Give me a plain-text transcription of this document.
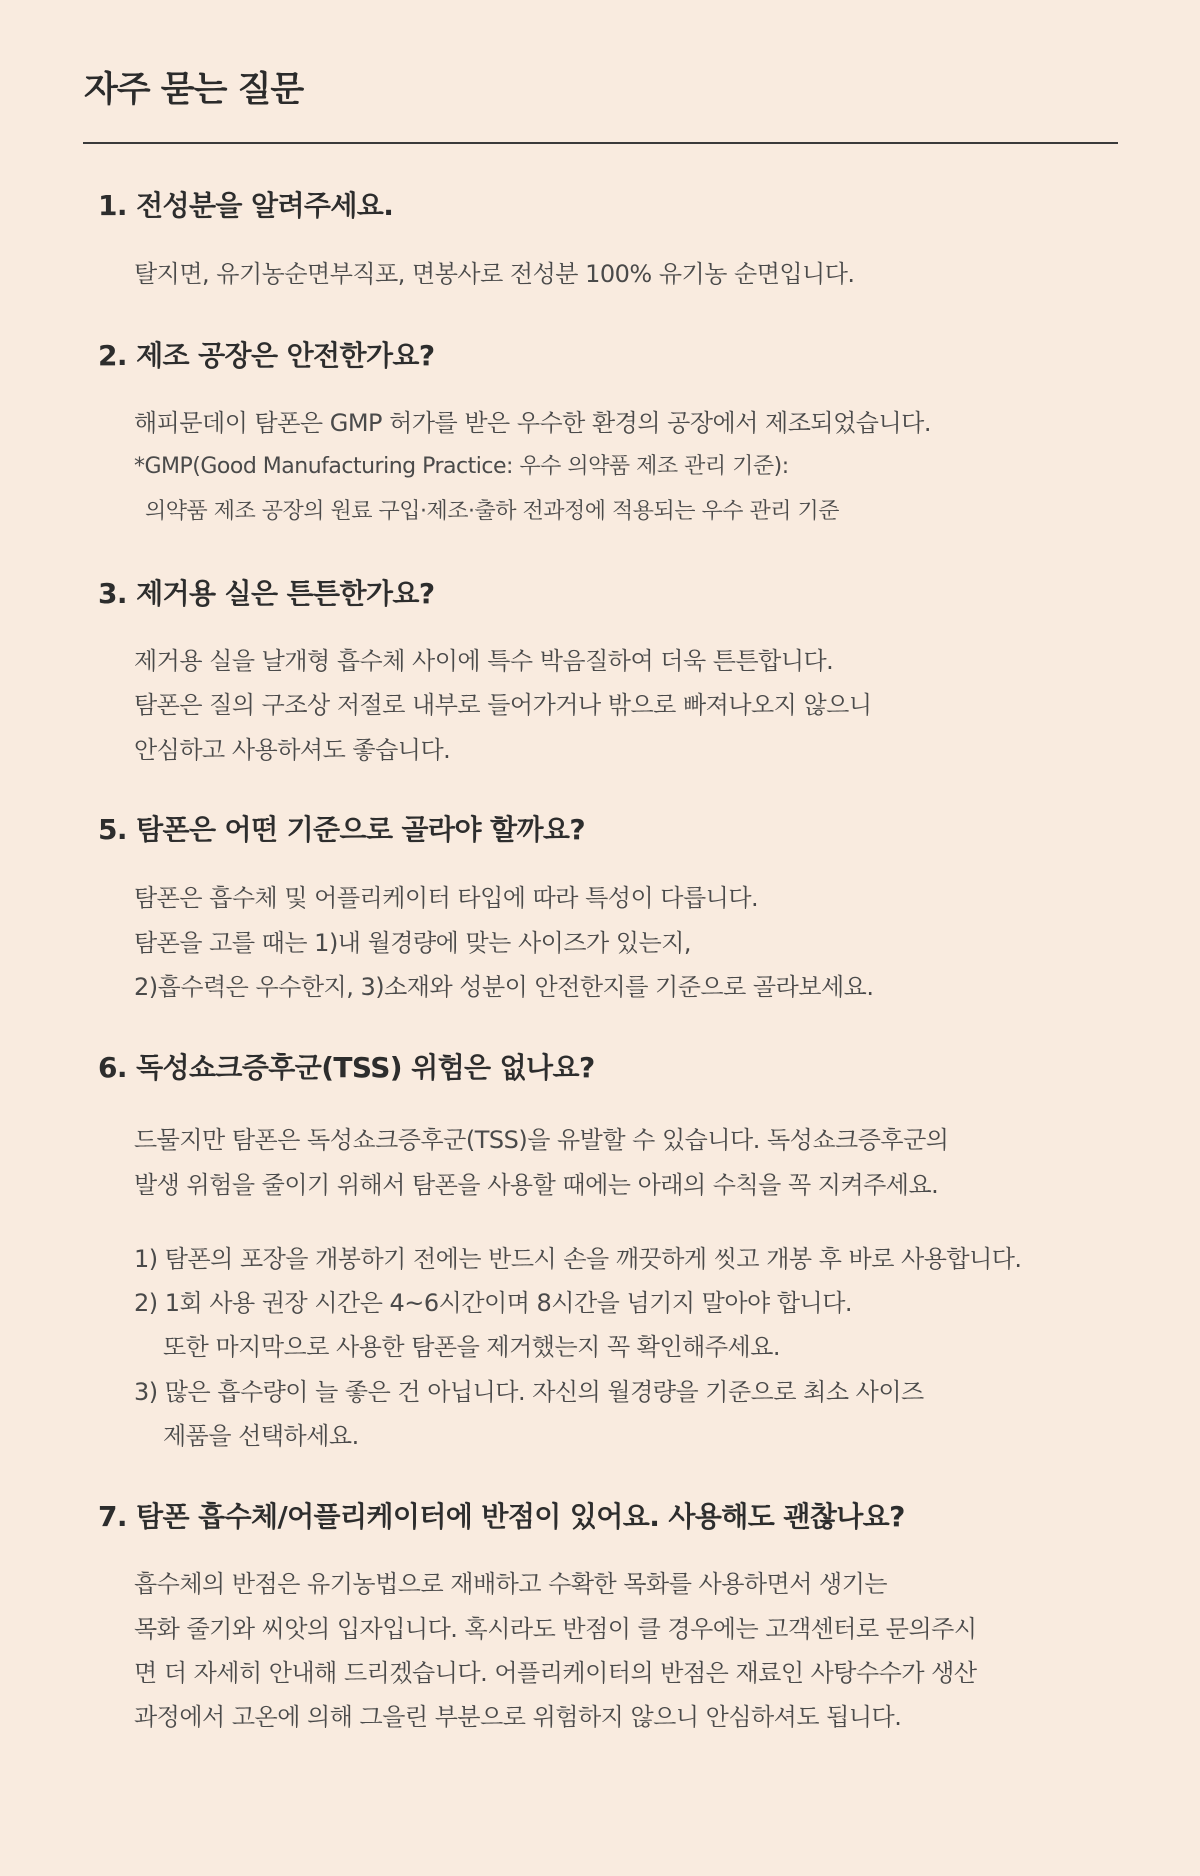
자주 묻는 질문

1. 전성분을 알려주세요.

탈지면, 유기농순면부직포, 면봉사로 전성분 100% 유기농 순면입니다.

2. 제조 공장은 안전한가요?

해피문데이 탐폰은 GMP 허가를 받은 우수한 환경의 공장에서 제조되었습니다.

*GMP(Good Manufacturing Practice: 우수 의약품 제조 관리 기준):

의약품 제조 공장의 원료 구입·제조·출하 전과정에 적용되는 우수 관리 기준

3. 제거용 실은 튼튼한가요?

제거용 실을 날개형 흡수체 사이에 특수 박음질하여 더욱 튼튼합니다.

탐폰은 질의 구조상 저절로 내부로 들어가거나 밖으로 빠져나오지 않으니

안심하고 사용하셔도 좋습니다.

5. 탐폰은 어떤 기준으로 골라야 할까요?

탐폰은 흡수체 및 어플리케이터 타입에 따라 특성이 다릅니다.

탐폰을 고를 때는 1)내 월경량에 맞는 사이즈가 있는지,

2)흡수력은 우수한지, 3)소재와 성분이 안전한지를 기준으로 골라보세요.

6. 독성쇼크증후군(TSS) 위험은 없나요?

드물지만 탐폰은 독성쇼크증후군(TSS)을 유발할 수 있습니다. 독성쇼크증후군의

발생 위험을 줄이기 위해서 탐폰을 사용할 때에는 아래의 수칙을 꼭 지켜주세요.

1) 탐폰의 포장을 개봉하기 전에는 반드시 손을 깨끗하게 씻고 개봉 후 바로 사용합니다.

2) 1회 사용 권장 시간은 4~6시간이며 8시간을 넘기지 말아야 합니다.

또한 마지막으로 사용한 탐폰을 제거했는지 꼭 확인해주세요.

3) 많은 흡수량이 늘 좋은 건 아닙니다. 자신의 월경량을 기준으로 최소 사이즈

제품을 선택하세요.

7. 탐폰 흡수체/어플리케이터에 반점이 있어요. 사용해도 괜찮나요?

흡수체의 반점은 유기농법으로 재배하고 수확한 목화를 사용하면서 생기는

목화 줄기와 씨앗의 입자입니다. 혹시라도 반점이 클 경우에는 고객센터로 문의주시

면 더 자세히 안내해 드리겠습니다. 어플리케이터의 반점은 재료인 사탕수수가 생산

과정에서 고온에 의해 그을린 부분으로 위험하지 않으니 안심하셔도 됩니다.
